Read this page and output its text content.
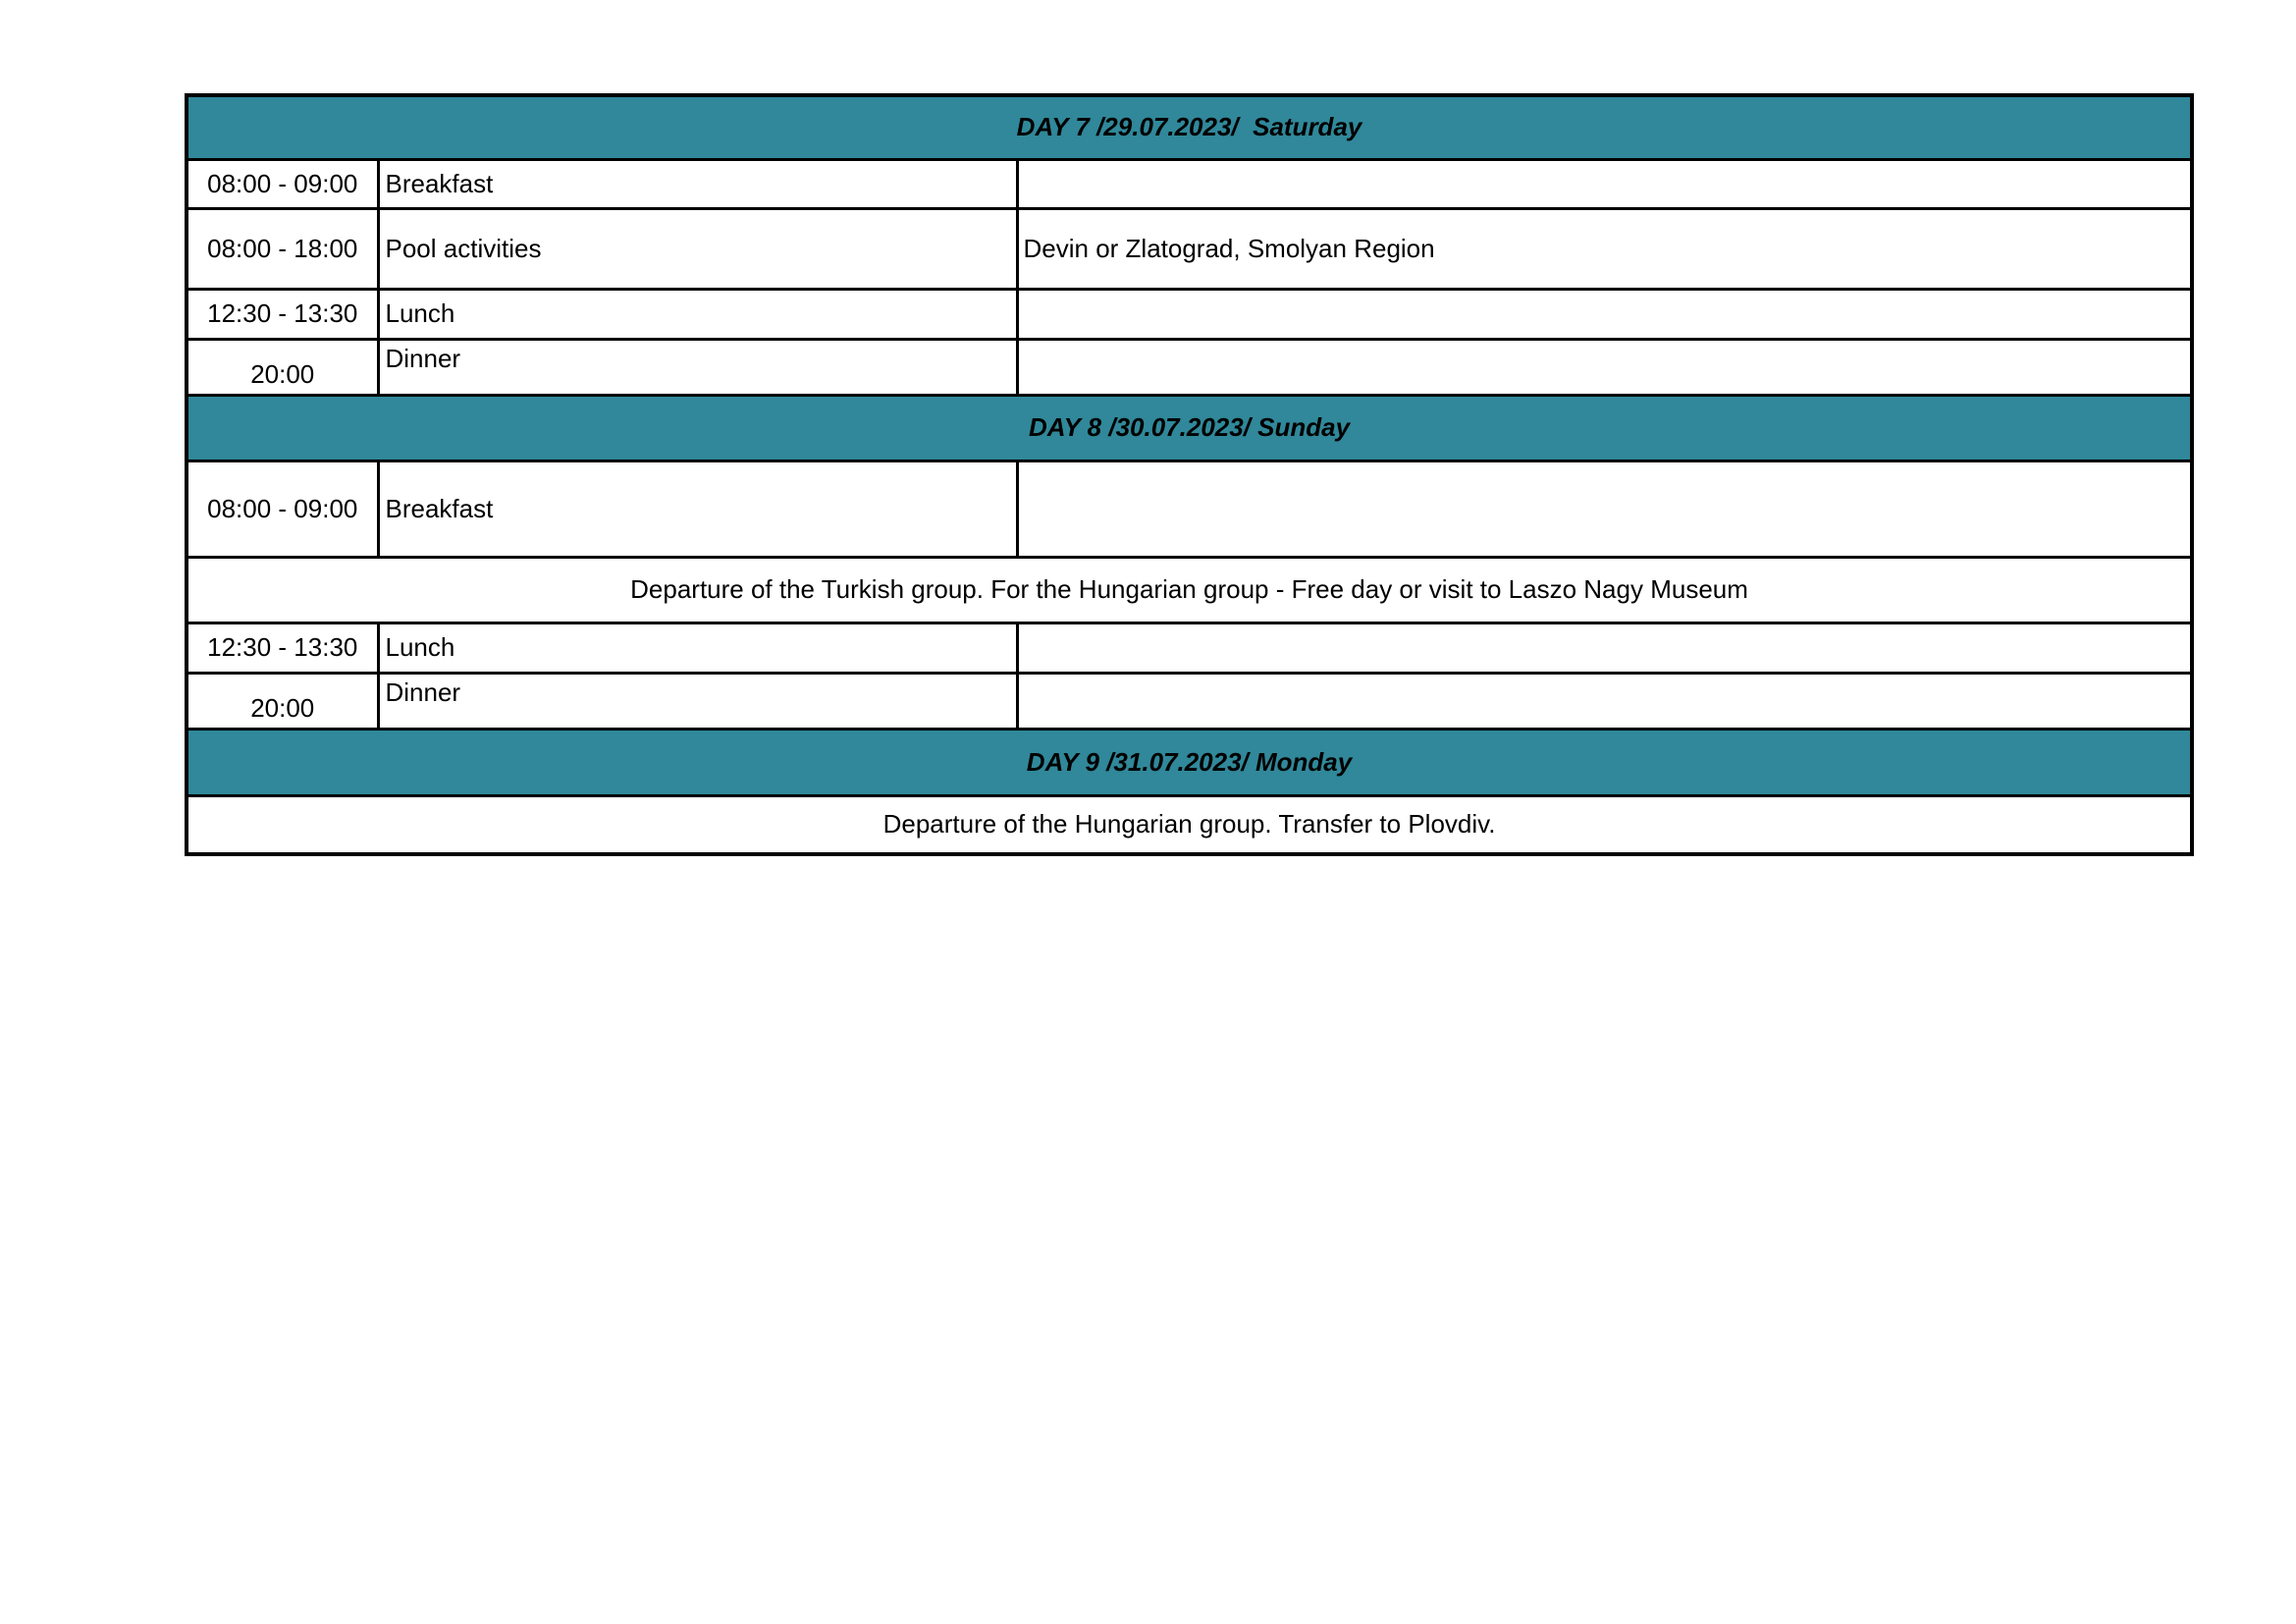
DAY 7 /29.07.2023/  Saturday		
08:00 - 09:00	Breakfast	
08:00 - 18:00	Pool activities	Devin or Zlatograd, Smolyan Region
12:30 - 13:30	Lunch	
20:00	Dinner	
DAY 8 /30.07.2023/ Sunday		
08:00 - 09:00	Breakfast	
Departure of the Turkish group. For the Hungarian group - Free day or visit to Laszo Nagy Museum		
12:30 - 13:30	Lunch	
20:00	Dinner	
DAY 9 /31.07.2023/ Monday		
Departure of the Hungarian group. Transfer to Plovdiv.		
